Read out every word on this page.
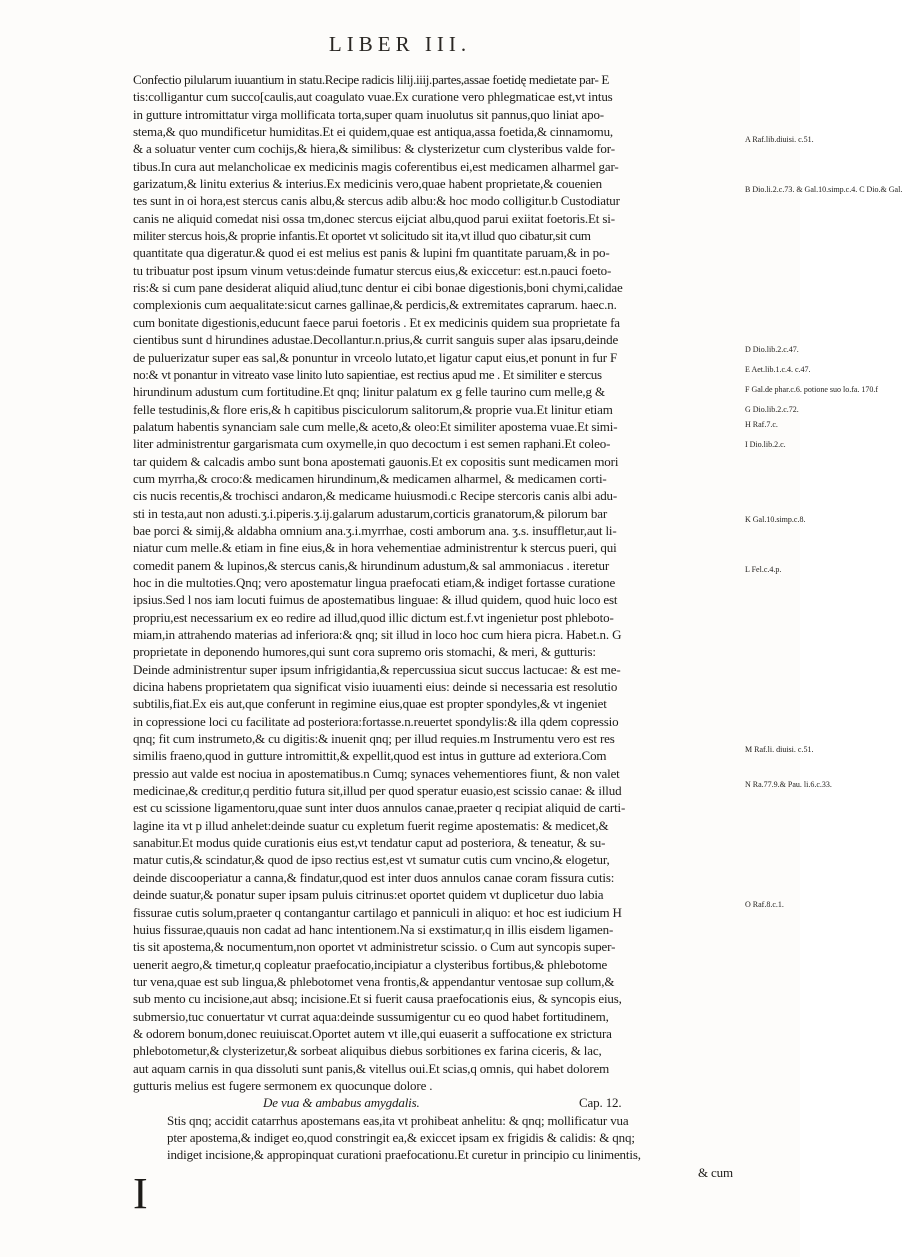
LIBER III.
Confectio pilularum iuuantium in statu.Recipe radicis lilij.iiij.partes,assae foetidę medietate par- E
tis:colligantur cum succo[caulis,aut coagulato vuae.Ex curatione vero phlegmaticae est,vt intus
in gutture intromittatur virga mollificata torta,super quam inuolutus sit pannus,quo liniat apo-
stema,& quo mundificetur humiditas.Et ei quidem,quae est antiqua,assa foetida,& cinnamomu,
& a soluatur venter cum cochijs,& hiera,& similibus: & clysterizetur cum clysteribus valde for-
tibus.In cura aut melancholicae ex medicinis magis coferentibus ei,est medicamen alharmel gar-
garizatum,& linitu exterius & interius.Ex medicinis vero,quae habent proprietate,& couenien
tes sunt in oi hora,est stercus canis albu,& stercus adib albu:& hoc modo colligitur.b Custodiatur
canis ne aliquid comedat nisi ossa tm,donec stercus eijciat albu,quod parui exiitat foetoris.Et si-
militer stercus hois,& proprie infantis.Et oportet vt solicitudo sit ita,vt illud quo cibatur,sit cum
quantitate qua digeratur.& quod ei est melius est panis & lupini fm quantitate paruam,& in po-
tu tribuatur post ipsum vinum vetus:deinde fumatur stercus eius,& exiccetur: est.n.pauci foeto-
ris:& si cum pane desiderat aliquid aliud,tunc dentur ei cibi bonae digestionis,boni chymi,calidae
complexionis cum aequalitate:sicut carnes gallinae,& perdicis,& extremitates caprarum. haec.n.
cum bonitate digestionis,educunt faece parui foetoris . Et ex medicinis quidem sua proprietate fa
cientibus sunt d hirundines adustae.Decollantur.n.prius,& currit sanguis super alas ipsaru,deinde
de puluerizatur super eas sal,& ponuntur in vrceolo lutato,et ligatur caput eius,et ponunt in fur F
no:& vt ponantur in vitreato vase linito luto sapientiae, est rectius apud me . Et similiter e stercus
hirundinum adustum cum fortitudine.Et qnq; linitur palatum ex g felle taurino cum melle,g &
felle testudinis,& flore eris,& h capitibus pisciculorum salitorum,& proprie vua.Et linitur etiam
palatum habentis synanciam sale cum melle,& aceto,& oleo:Et similiter apostema vuae.Et simi-
liter administrentur gargarismata cum oxymelle,in quo decoctum i est semen raphani.Et coleo-
tar quidem & calcadis ambo sunt bona apostemati gauonis.Et ex copositis sunt medicamen mori
cum myrrha,& croco:& medicamen hirundinum,& medicamen alharmel, & medicamen corti-
cis nucis recentis,& trochisci andaron,& medicame huiusmodi.c Recipe stercoris canis albi adu-
sti in testa,aut non adusti.ʒ.i.piperis.ʒ.ij.galarum adustarum,corticis granatorum,& pilorum bar
bae porci & simij,& aldabha omnium ana.ʒ.i.myrrhae, costi amborum ana. ʒ.s. insuffletur,aut li-
niatur cum melle.& etiam in fine eius,& in hora vehementiae administrentur k stercus pueri, qui
comedit panem & lupinos,& stercus canis,& hirundinum adustum,& sal ammoniacus . iteretur
hoc in die multoties.Qnq; vero apostematur lingua praefocati etiam,& indiget fortasse curatione
ipsius.Sed l nos iam locuti fuimus de apostematibus linguae: & illud quidem, quod huic loco est
propriu,est necessarium ex eo redire ad illud,quod illic dictum est.f.vt ingenietur post phleboto-
miam,in attrahendo materias ad inferiora:& qnq; sit illud in loco hoc cum hiera picra. Habet.n. G
proprietate in deponendo humores,qui sunt cora supremo oris stomachi, & meri, & gutturis:
Deinde administrentur super ipsum infrigidantia,& repercussiua sicut succus lactucae: & est me-
dicina habens proprietatem qua significat visio iuuamenti eius: deinde si necessaria est resolutio
subtilis,fiat.Ex eis aut,que conferunt in regimine eius,quae est propter spondyles,& vt ingeniet
in copressione loci cu facilitate ad posteriora:fortasse.n.reuertet spondylis:& illa qdem copressio
qnq; fit cum instrumeto,& cu digitis:& inuenit qnq; per illud requies.m Instrumentu vero est res
similis fraeno,quod in gutture intromittit,& expellit,quod est intus in gutture ad exteriora.Com
pressio aut valde est nociua in apostematibus.n Cumq; synaces vehementiores fiunt, & non valet
medicinae,& creditur,q perditio futura sit,illud per quod speratur euasio,est scissio canae: & illud
est cu scissione ligamentoru,quae sunt inter duos annulos canae,praeter q recipiat aliquid de carti-
lagine ita vt p illud anhelet:deinde suatur cu expletum fuerit regime apostematis: & medicet,&
sanabitur.Et modus quide curationis eius est,vt tendatur caput ad posteriora, & teneatur, & su-
matur cutis,& scindatur,& quod de ipso rectius est,est vt sumatur cutis cum vncino,& elogetur,
deinde discooperiatur a canna,& findatur,quod est inter duos annulos canae coram fissura cutis:
deinde suatur,& ponatur super ipsam puluis citrinus:et oportet quidem vt duplicetur duo labia
fissurae cutis solum,praeter q contangantur cartilago et panniculi in aliquo: et hoc est iudicium H
huius fissurae,quauis non cadat ad hanc intentionem.Na si exstimatur,q in illis eisdem ligamen-
tis sit apostema,& nocumentum,non oportet vt administretur scissio. o Cum aut syncopis super-
uenerit aegro,& timetur,q copleatur praefocatio,incipiatur a clysteribus fortibus,& phlebotome
tur vena,quae est sub lingua,& phlebotomet vena frontis,& appendantur ventosae sup collum,&
sub mento cu incisione,aut absq; incisione.Et si fuerit causa praefocationis eius, & syncopis eius,
submersio,tuc conuertatur vt currat aqua:deinde sussumigentur cu eo quod habet fortitudinem,
& odorem bonum,donec reuiuiscat.Oportet autem vt ille,qui euaserit a suffocatione ex strictura
phlebotometur,& clysterizetur,& sorbeat aliquibus diebus sorbitiones ex farina ciceris, & lac,
aut aquam carnis in qua dissoluti sunt panis,& vitellus oui.Et scias,q omnis, qui habet dolorem
gutturis melius est fugere sermonem ex quocunque dolore .
De vua & ambabus amygdalis.	Cap. 12.
Stis qnq; accidit catarrhus apostemans eas,ita vt prohibeat anhelitu: & qnq; mollificatur vua
pter apostema,& indiget eo,quod constringit ea,& exiccet ipsam ex frigidis & calidis: & qnq;
indiget incisione,& appropinquat curationi praefocationu.Et curetur in principio cu linimentis,
& cum
I
A Raf.lib.diuisi. c.51.
B Dio.li.2.c.73. & Gal.10.simp.c.4. C Dio.& Gal.
D Dio.lib.2.c.47.
E Aet.lib.1.c.4. c.47.
F Gal.de phar.c.6. potione suo lo.fa. 170.f
G Dio.lib.2.c.72.
H Raf.7.c.
I Dio.lib.2.c.
K Gal.10.simp.c.8.
L Fel.c.4.p.
M Raf.li. diuisi. c.51.
N Ra.77.9.& Pau. li.6.c.33.
O Raf.8.c.1.
